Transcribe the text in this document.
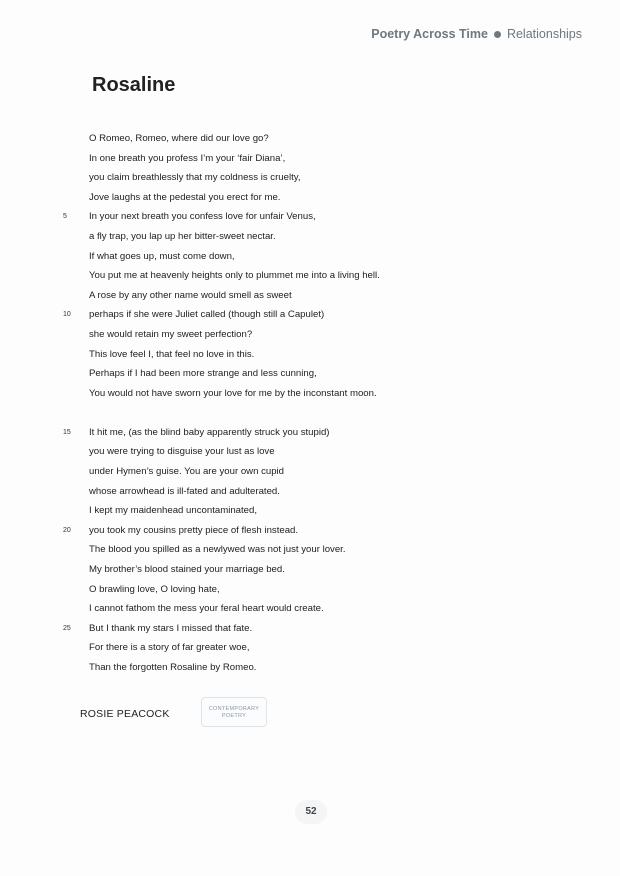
Poetry Across Time Relationships
Rosaline
O Romeo, Romeo, where did our love go?
In one breath you profess I’m your ‘fair Diana’,
you claim breathlessly that my coldness is cruelty,
Jove laughs at the pedestal you erect for me.
5	In your next breath you confess love for unfair Venus,
a fly trap, you lap up her bitter-sweet nectar.
If what goes up, must come down,
You put me at heavenly heights only to plummet me into a living hell.
A rose by any other name would smell as sweet
10	perhaps if she were Juliet called (though still a Capulet)
she would retain my sweet perfection?
This love feel I, that feel no love in this.
Perhaps if I had been more strange and less cunning,
You would not have sworn your love for me by the inconstant moon.
15	It hit me, (as the blind baby apparently struck you stupid)
you were trying to disguise your lust as love
under Hymen’s guise. You are your own cupid
whose arrowhead is ill-fated and adulterated.
I kept my maidenhead uncontaminated,
20	you took my cousins pretty piece of flesh instead.
The blood you spilled as a newlywed was not just your lover.
My brother’s blood stained your marriage bed.
O brawling love, O loving hate,
I cannot fathom the mess your feral heart would create.
25	But I thank my stars I missed that fate.
For there is a story of far greater woe,
Than the forgotten Rosaline by Romeo.
ROSIE PEACOCK	CONTEMPORARY
POETRY
52
